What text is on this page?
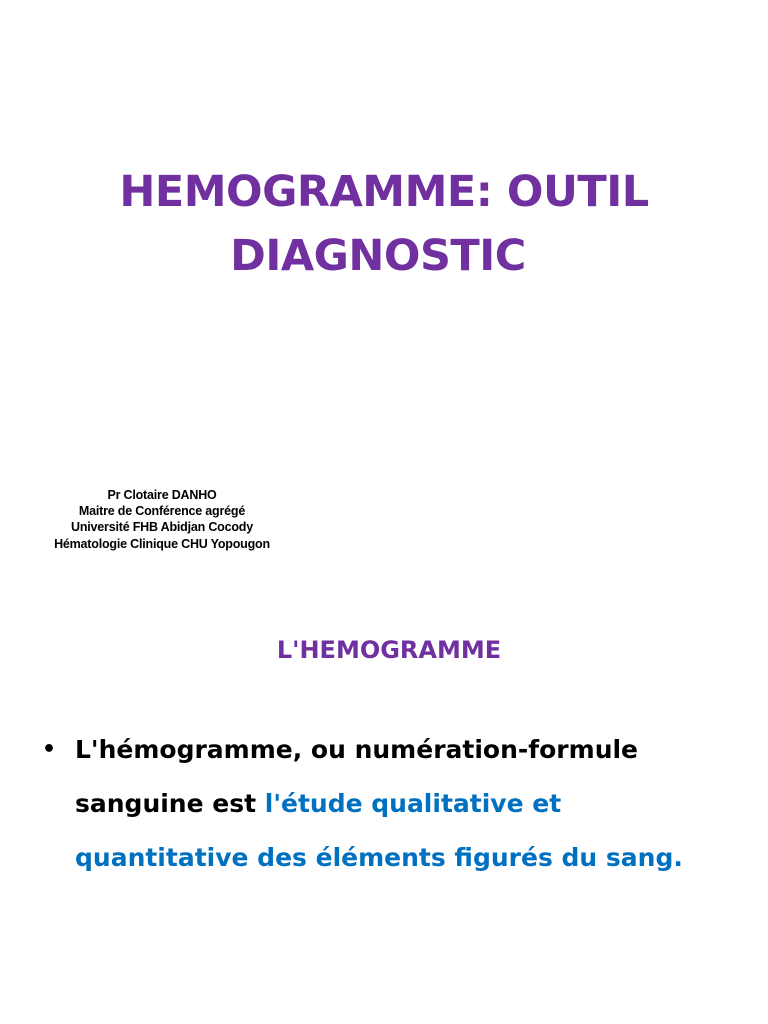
HEMOGRAMME: OUTIL
DIAGNOSTIC
Pr Clotaire DANHO
Maitre de Conférence agrégé
Université FHB Abidjan Cocody
Hématologie Clinique CHU Yopougon
L'HEMOGRAMME
• L'hémogramme, ou numération-formule sanguine est l'étude qualitative et quantitative des éléments figurés du sang.
